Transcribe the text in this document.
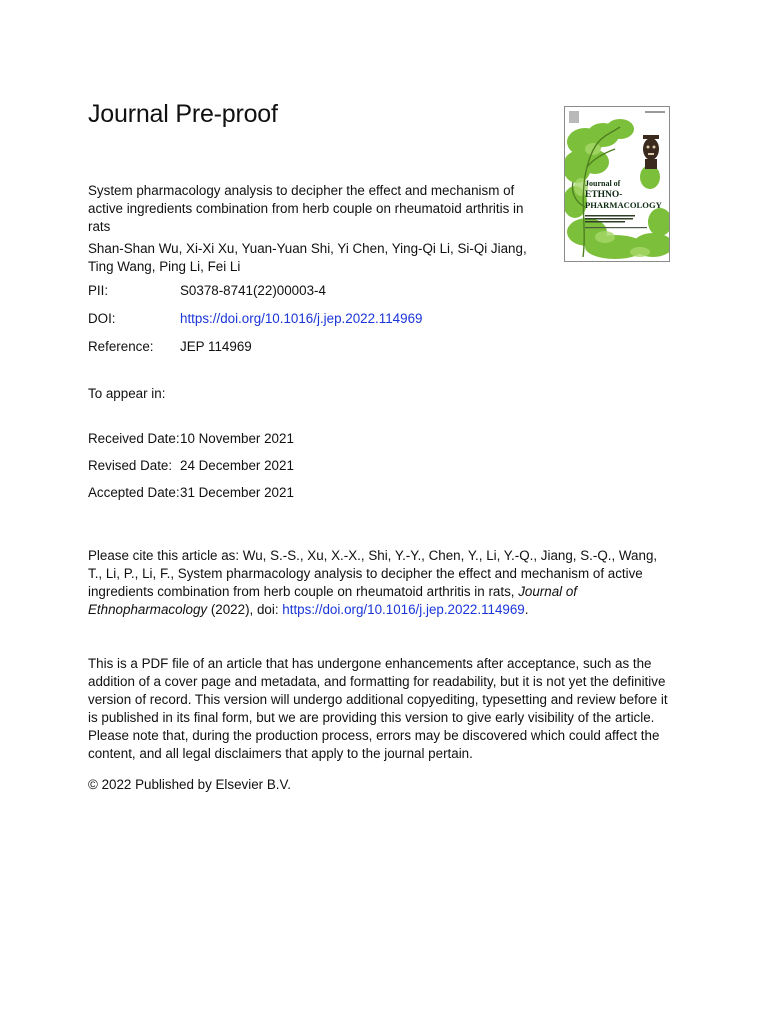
Journal Pre-proof
Journal of
ETHNO-
PHARMACOLOGY
System pharmacology analysis to decipher the effect and mechanism of active ingredients combination from herb couple on rheumatoid arthritis in rats
Shan-Shan Wu, Xi-Xi Xu, Yuan-Yuan Shi, Yi Chen, Ying-Qi Li, Si-Qi Jiang, Ting Wang, Ping Li, Fei Li
PII:	S0378-8741(22)00003-4
DOI:	https://doi.org/10.1016/j.jep.2022.114969
Reference: JEP 114969
To appear in:
Received Date: 10 November 2021
Revised Date: 24 December 2021
Accepted Date: 31 December 2021
Please cite this article as: Wu, S.-S., Xu, X.-X., Shi, Y.-Y., Chen, Y., Li, Y.-Q., Jiang, S.-Q., Wang, T., Li, P., Li, F., System pharmacology analysis to decipher the effect and mechanism of active ingredients combination from herb couple on rheumatoid arthritis in rats, Journal of Ethnopharmacology (2022), doi: https://doi.org/10.1016/j.jep.2022.114969.
This is a PDF file of an article that has undergone enhancements after acceptance, such as the addition of a cover page and metadata, and formatting for readability, but it is not yet the definitive version of record. This version will undergo additional copyediting, typesetting and review before it is published in its final form, but we are providing this version to give early visibility of the article. Please note that, during the production process, errors may be discovered which could affect the content, and all legal disclaimers that apply to the journal pertain.
© 2022 Published by Elsevier B.V.
